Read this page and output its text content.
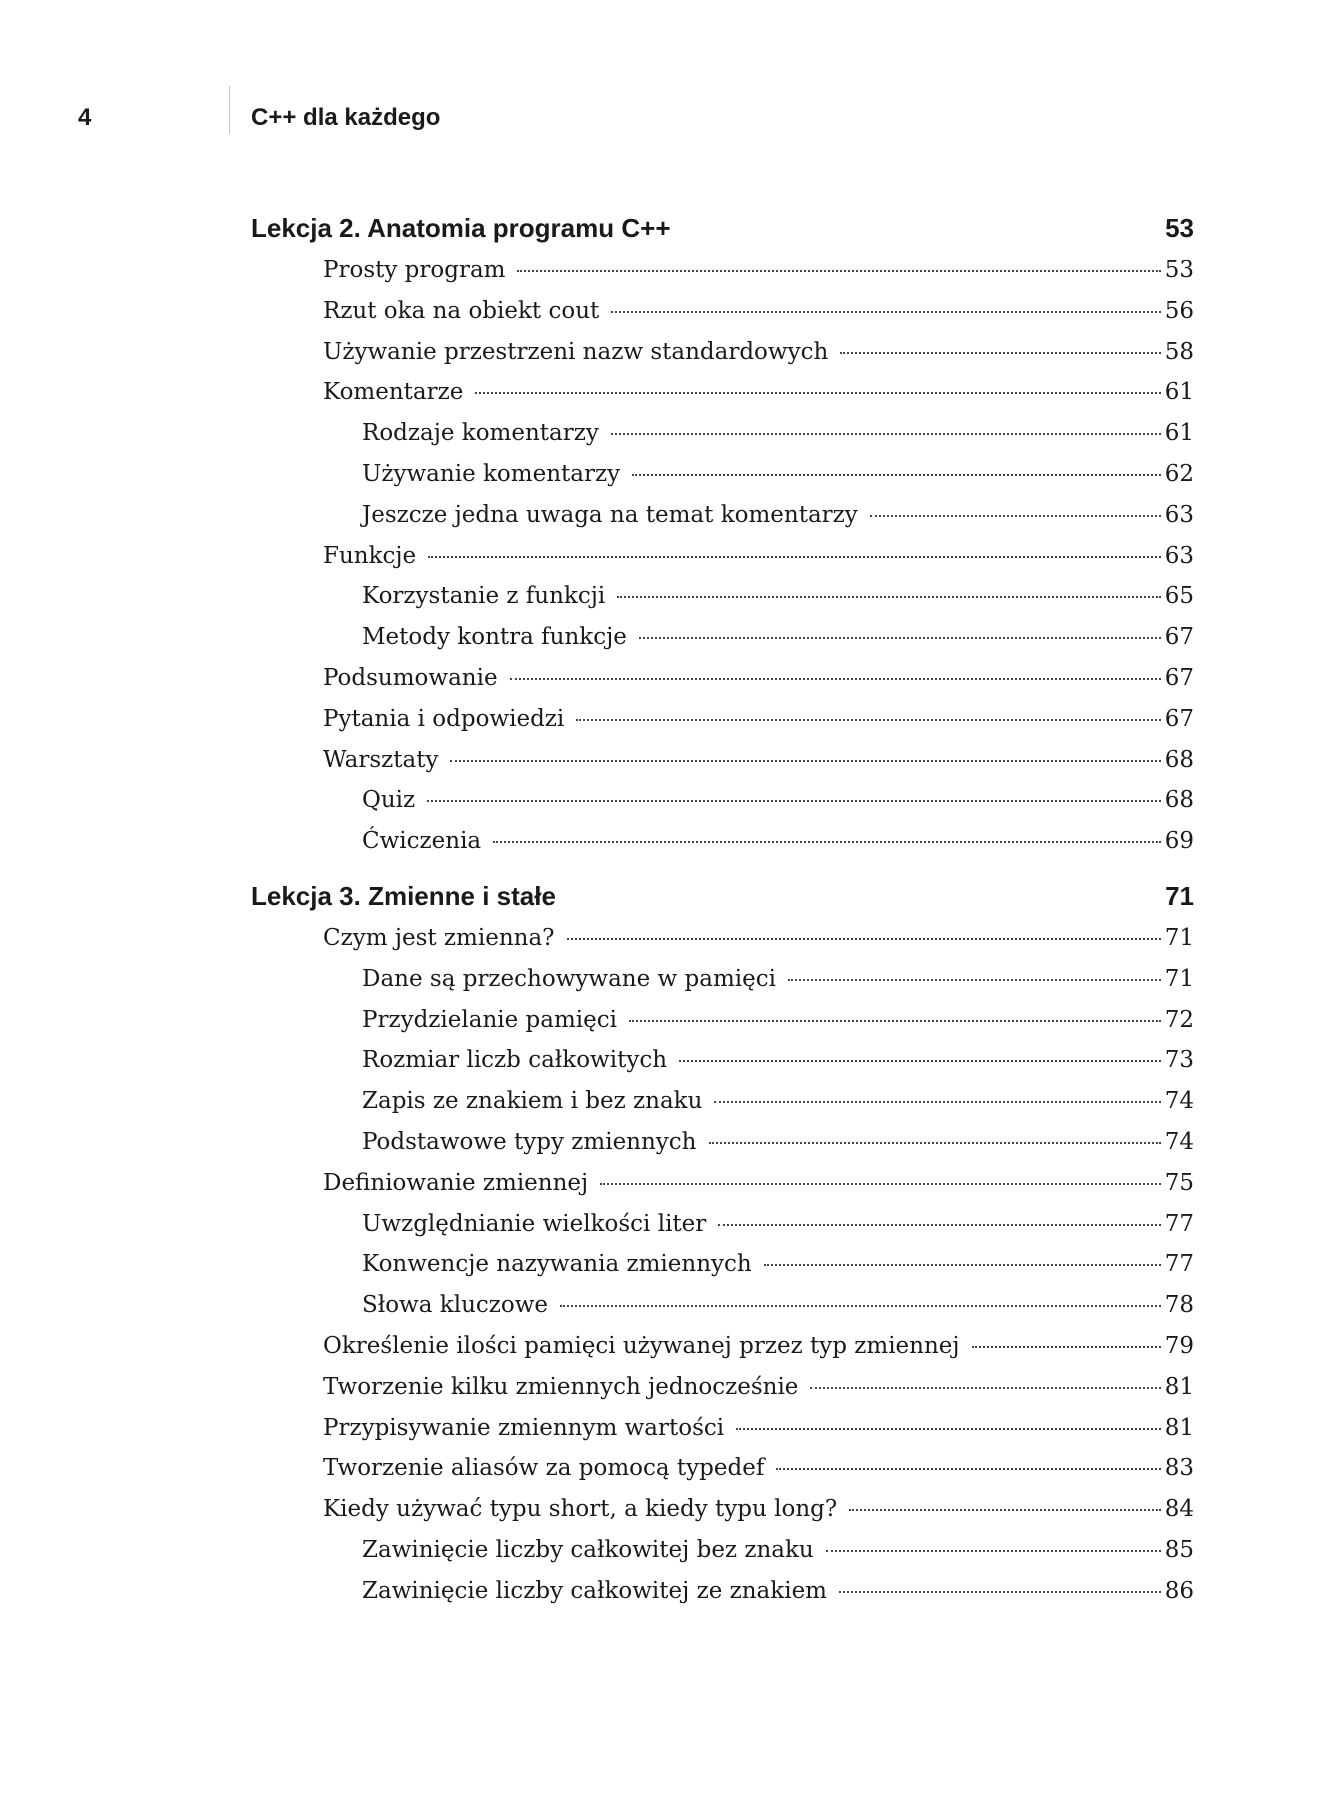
4	C++ dla każdego
Lekcja 2. Anatomia programu C++	53
Prosty program	53
Rzut oka na obiekt cout	56
Używanie przestrzeni nazw standardowych	58
Komentarze	61
Rodzaje komentarzy	61
Używanie komentarzy	62
Jeszcze jedna uwaga na temat komentarzy	63
Funkcje	63
Korzystanie z funkcji	65
Metody kontra funkcje	67
Podsumowanie	67
Pytania i odpowiedzi	67
Warsztaty	68
Quiz	68
Ćwiczenia	69
Lekcja 3. Zmienne i stałe	71
Czym jest zmienna?	71
Dane są przechowywane w pamięci	71
Przydzielanie pamięci	72
Rozmiar liczb całkowitych	73
Zapis ze znakiem i bez znaku	74
Podstawowe typy zmiennych	74
Definiowanie zmiennej	75
Uwzględnianie wielkości liter	77
Konwencje nazywania zmiennych	77
Słowa kluczowe	78
Określenie ilości pamięci używanej przez typ zmiennej	79
Tworzenie kilku zmiennych jednocześnie	81
Przypisywanie zmiennym wartości	81
Tworzenie aliasów za pomocą typedef	83
Kiedy używać typu short, a kiedy typu long?	84
Zawinięcie liczby całkowitej bez znaku	85
Zawinięcie liczby całkowitej ze znakiem	86
